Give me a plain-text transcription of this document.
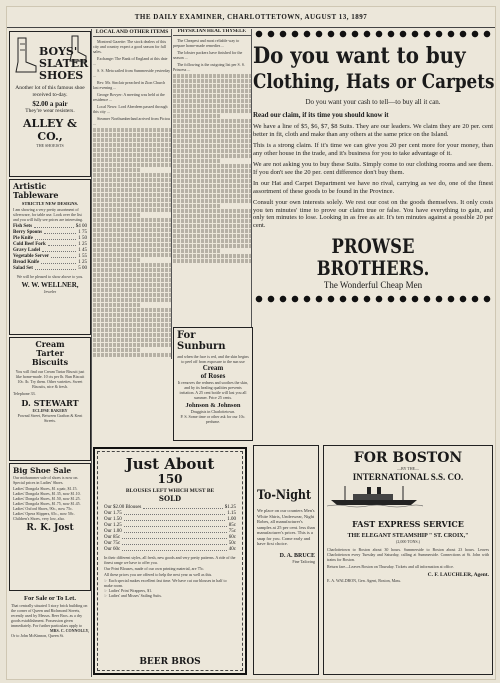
THE DAILY EXAMINER, CHARLOTTETOWN, AUGUST 13, 1897
BOYS'
SLATER
SHOES
Another lot of this famous shoe received to-day.
$2.00 a pair
They're wear resisters.
ALLEY & CO.,
THE SHOEISTS
Artistic
Tableware
STRICTLY NEW DESIGNS.
I am showing a very pretty assortment of silverware, for table use. Look over the list and you will fully see prices are interesting.
Fish Sets	$4 00
Berry Spoons	1 75
Pie Knife	1 50
Cold Beef Fork	1 25
Gravy Ladel	1 45
Vegetable Server	1 55
Bread Knife	1 25
Salad Set	5 00
We will be pleased to show above to you.
W. W. WELLNER,
Jeweler
Cream
Tarter
Biscuits
You will find our Cream Tartar Biscuit just like home-made. 10 cts per lb. Bun Biscuit 10c. lb. Try them. Other varieties. Sweet Biscuits, nice & fresh.
Telephone 33.
D. STEWART
ECLIPSE BAKERY
Pownal Street, Between Grafton & Kent Streets.
Big Shoe Sale
Our midsummer sale of shoes is now on. Special prices in Ladies' Shoes.
Ladies' Dongola Shoes, $1 a pair, $1.15.
Ladies' Dongola Shoes, $1.35, now $1.10.
Ladies' Dongola Shoes, $1.50, now $1.25.
Ladies' Dongola Shoes, $1.75, now $1.45.
Ladies' Oxford Shoes, 90c., now 75c.
Ladies' Opera Slippers, 65c., now 50c.
Children's Shoes, very low, also.
R. K. Jost
For Sale or To Let.
That centrally situated 3 story brick building on the corner of Queen and Richmond Streets, recently used by Messrs. Beer Bros. as a dry goods establishment. Possession given immediately. For further particulars apply to
MRS. C. CONNOLLY,
Or to John McKinnon, Queen St.
LOCAL AND OTHER ITEMS
Montreal Gazette: The stock dealers of this city and country expect a good season for fall sales.
Exchange: The Bank of England at this date ...
S. S. Meta sailed from Summerside yesterday ...
Rev. Mr. Sinclair preached in Zion Church last evening ...
George Bovyer: A meeting was held at the residence ...
Local News: Lord Aberdeen passed through this city ...
Steamer Northumberland arrived from Pictou ...
PHYSICIAN HEAL THYSELF.
The Cheapest and most reliable way to prepare home-made remedies ...
The lobster packers have finished for the season ...
The following is the outgoing list per S. S. Princess ...
For
Sunburn
and when the face is red, and the skin begins to peel off from exposure to the sun use
Cream
of Roses
It removes the redness and soothes the skin, and by its healing qualities prevents irritation. A 25 cent bottle will last you all summer. Price 25 cents.
Johnson & Johnson
Druggists in Charlottetown.
P. S. Some time or other ask for our 10c. perfume.
Just About
150
BLOUSES LEFT WHICH MUST BE
SOLD
Our $2.00 Blouses	$1.25
Our 1.75	1.15
Our 1.50	1.00
Our 1.25	85c
Our 1.00	75c
Our 85c	60c
Our 75c	50c
Our 60c	40c
In their different styles, all fresh, new goods and very pretty patterns. A ride of the finest range we have to offer you.
Our Print Blouses, made of our own printing material, are 75c.
All these prices you are offered to help the next year as well as this.
☞ Each special makes excellent fast time. We have cut our blouses in half to make room.
☞ Ladies' Print Wrappers, $1.
☞ Ladies' and Misses' Sailing Suits.
BEER BROS
Do you want to buy
Clothing, Hats or Carpets
Do you want your cash to tell—to buy all it can.
Read our claim, if its time you should know it
We have a line of $5, $6, $7, $8 Suits. They are our leaders. We claim they are 20 per. cent better in fit, cloth and make than any others at the same price on the Island.
This is a strong claim. If it's time we can give you 20 per cent more for your money, than any other house in the trade, and it's business for you to take advantage of it.
We are not asking you to buy these Suits. Simply come to our clothing rooms and see them. If you don't see the 20 per. cent difference don't buy them.
In our Hat and Carpet Department we have no rival, carrying as we do, one of the finest assortment of these goods to be found in the Province.
Consult your own interests solely. We rest our cost on the goods themselves. It only costs you ten minutes' time to prove our claim true or false. You have everything to gain, and only ten minutes to lose. Looking in as free as air. It's ten minutes against a possible 20 per cent.
PROWSE BROTHERS.
The Wonderful Cheap Men
To-Night
We place on our counters Men's White Shirts, Underwear, Night Robes, all manufacturer's samples at 25 per cent. less than manufacturer's prices. This is a snap for you. Come early and have first choice.
D. A. BRUCE
Fine Tailoring
FOR BOSTON
—BY THE—
INTERNATIONAL S.S. CO.
FAST EXPRESS SERVICE
THE ELEGANT STEAMSHIP " ST. CROIX,"
(2,000 TONS.)
Charlottetown to Boston about 30 hours. Summerside to Boston about 23 hours. Leaves Charlottetown every Tuesday and Saturday, calling at Summerside. Connections at St. John with trains for Boston.
Return fare—Leaves Boston on Thursday. Tickets and all information at office.
C. F. LAUCHLER, Agent.
E. A. WALDRON, Gen. Agent, Boston, Mass.
